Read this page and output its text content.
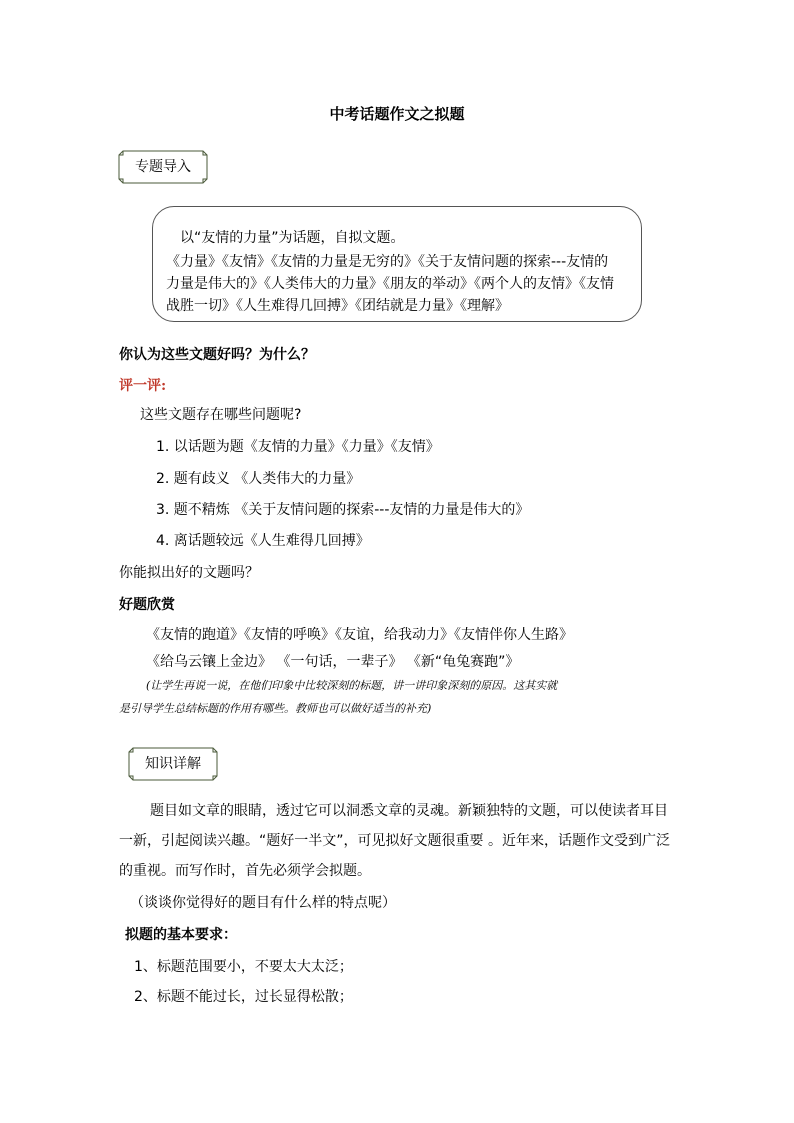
中考话题作文之拟题
专题导入
以“友情的力量”为话题，自拟文题。
《力量》《友情》《友情的力量是无穷的》《关于友情问题的探索---友情的
力量是伟大的》《人类伟大的力量》《朋友的举动》《两个人的友情》《友情
战胜一切》《人生难得几回搏》《团结就是力量》《理解》
你认为这些文题好吗？为什么？
评一评:
这些文题存在哪些问题呢?
1. 以话题为题《友情的力量》《力量》《友情》
2. 题有歧义 《人类伟大的力量》
3. 题不精炼 《关于友情问题的探索---友情的力量是伟大的》
4. 离话题较远《人生难得几回搏》
你能拟出好的文题吗？
好题欣赏
《友情的跑道》《友情的呼唤》《友谊，给我动力》《友情伴你人生路》
《给乌云镶上金边》 《一句话，一辈子》 《新“龟兔赛跑”》
(让学生再说一说，在他们印象中比较深刻的标题，讲一讲印象深刻的原因。这其实就
是引导学生总结标题的作用有哪些。教师也可以做好适当的补充)
知识详解
题目如文章的眼睛，透过它可以洞悉文章的灵魂。新颖独特的文题，可以使读者耳目
一新，引起阅读兴趣。“题好一半文”，可见拟好文题很重要 。近年来，话题作文受到广泛
的重视。而写作时，首先必须学会拟题。
（谈谈你觉得好的题目有什么样的特点呢）
拟题的基本要求：
1、标题范围要小，不要太大太泛；
2、标题不能过长，过长显得松散；
